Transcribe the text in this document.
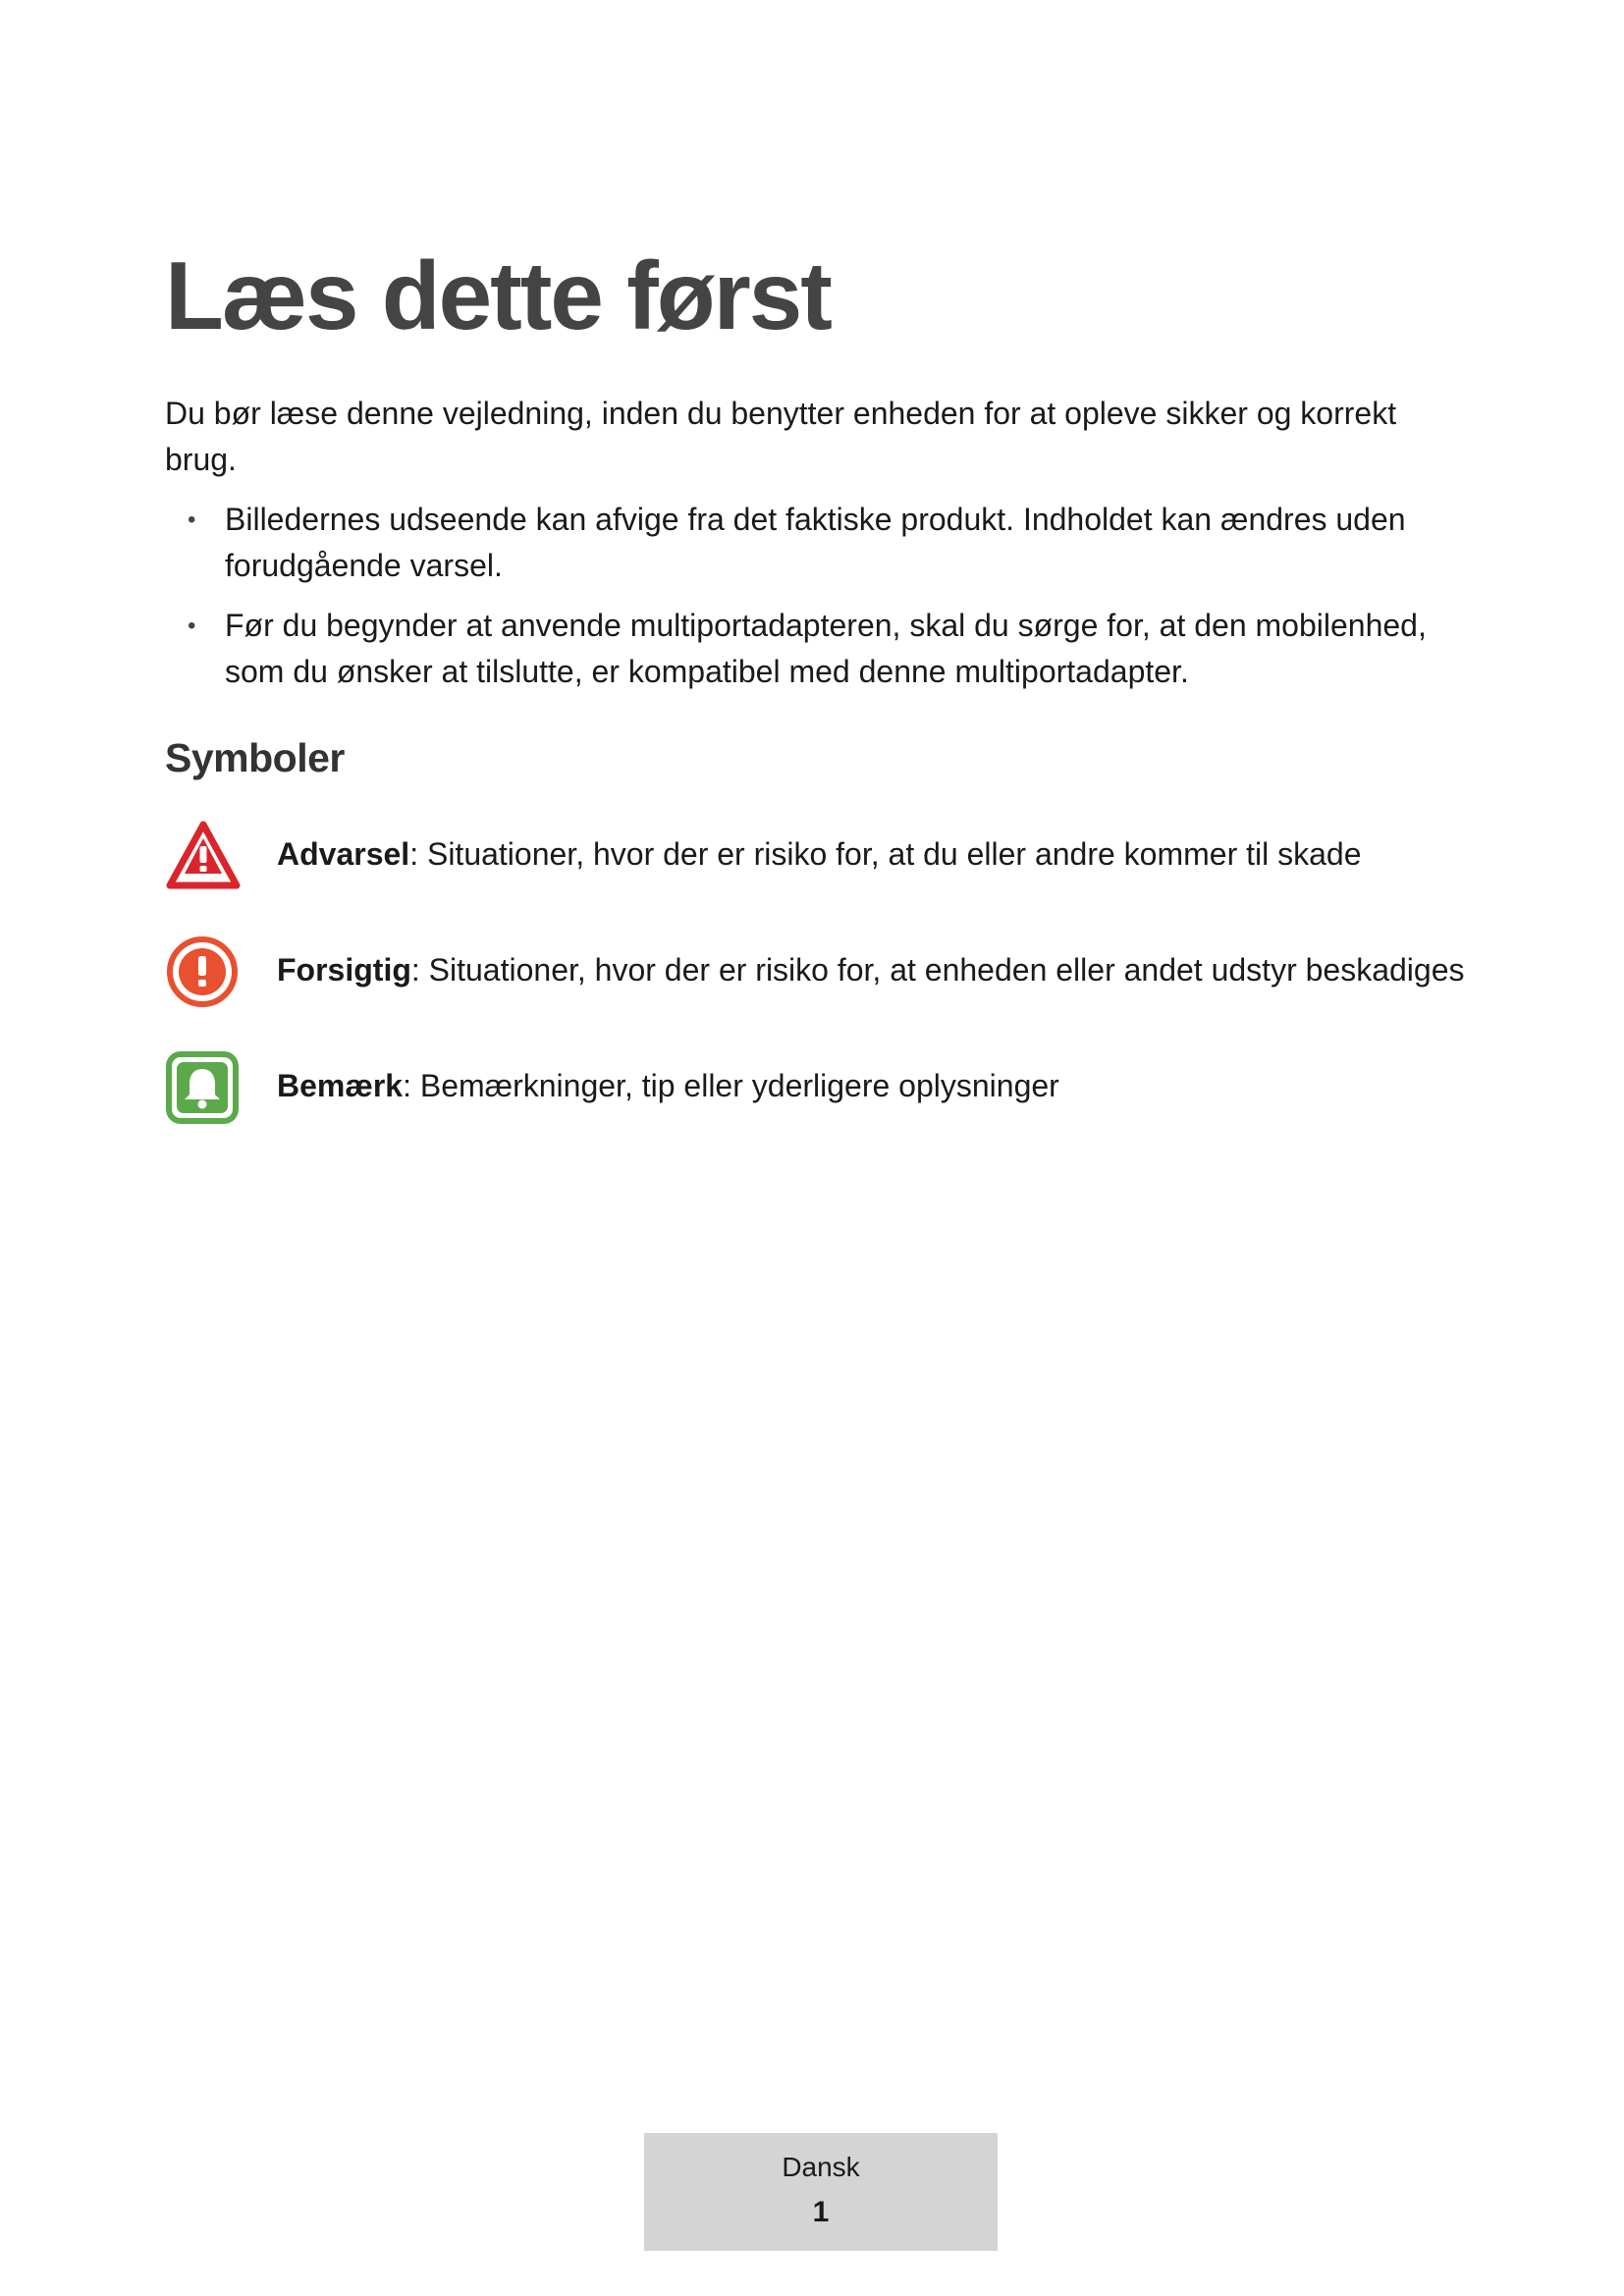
Læs dette først

Du bør læse denne vejledning, inden du benytter enheden for at opleve sikker og korrekt brug.

• Billedernes udseende kan afvige fra det faktiske produkt. Indholdet kan ændres uden forudgående varsel.
• Før du begynder at anvende multiportadapteren, skal du sørge for, at den mobilenhed, som du ønsker at tilslutte, er kompatibel med denne multiportadapter.
Symboler
Advarsel: Situationer, hvor der er risiko for, at du eller andre kommer til skade
Forsigtig: Situationer, hvor der er risiko for, at enheden eller andet udstyr beskadiges
Bemærk: Bemærkninger, tip eller yderligere oplysninger
Dansk
1
